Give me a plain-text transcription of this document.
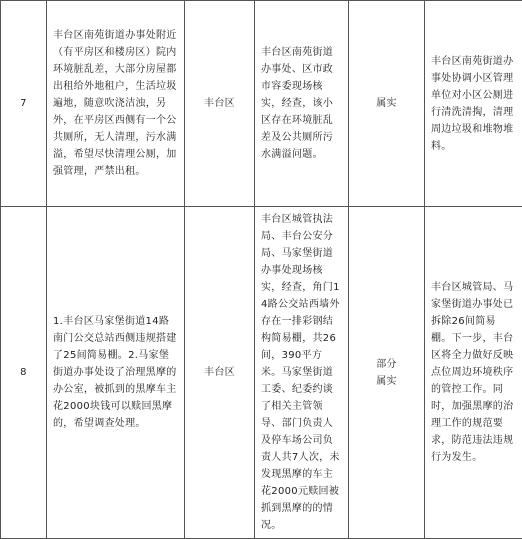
7	丰台区南苑街道办事处附近（有平房区和楼房区）院内环境脏乱差，大部分房屋都出租给外地租户，生活垃圾遍地，随意吹浇洁浊，另外，在平房区西侧有一个公共厕所，无人清理，污水满溢，希望尽快清理公厕，加强管理，严禁出租。	丰台区	丰台区南苑街道办事处、区市政市容委现场核实，经查，该小区存在环境脏乱差及公共厕所污水满溢问题。	属实	丰台区南苑街道办事处协调小区管理单位对小区公厕进行清洗清掏，清理周边垃圾和堆物堆料。

8	1.丰台区马家堡街道14路南门公交总站西侧违规搭建了25间简易棚。2.马家堡街道办事处设了治理黑摩的办公室，被抓到的黑摩车主花2000块钱可以赎回黑摩的，希望调查处理。	丰台区	丰台区城管执法局、丰台公安分局、马家堡街道办事处现场核实，经查，角门14路公交站西墙外存在一排彩钢结构简易棚，共26间，390平方米。马家堡街道工委、纪委约谈了相关主管领导、部门负责人及停车场公司负责人共7人次，未发现黑摩的车主花2000元赎回被抓到黑摩的的情况。	部分属实	丰台区城管局、马家堡街道办事处已拆除26间简易棚。下一步，丰台区将全力做好反映点位周边环境秩序的管控工作。同时，加强黑摩的治理工作的规范要求，防范违法违规行为发生。
